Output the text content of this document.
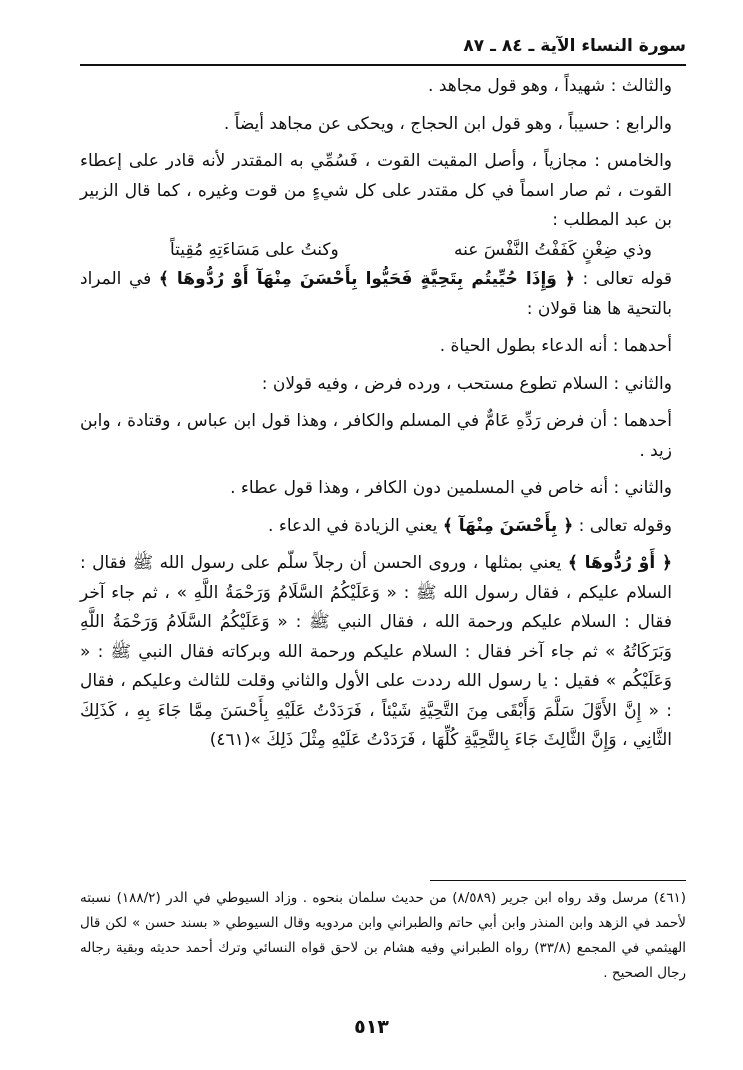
سورة النساء الآية ـ ٨٤ ـ ٨٧

والثالث : شهيداً ، وهو قول مجاهد .

والرابع : حسيباً ، وهو قول ابن الحجاج ، ويحكى عن مجاهد أيضاً .

والخامس : مجازياً ، وأصل المقيت القوت ، فَسُمِّي به المقتدر لأنه قادر على إعطاء القوت ، ثم صار اسماً في كل مقتدر على كل شيءٍ من قوت وغيره ، كما قال الزبير بن عبد المطلب :

وذي ضِغْنٍ كَفَفْتُ النَّفْسَ عنه
وكنتُ على مَسَاءَتِهِ مُقِيتاً

قوله تعالى : ﴿ وَإِذَا حُيِّيتُم بِتَحِيَّةٍ فَحَيُّوا بِأَحْسَنَ مِنْهَآ أَوْ رُدُّوهَا ﴾ في المراد بالتحية ها هنا قولان :

أحدهما : أنه الدعاء بطول الحياة .

والثاني : السلام تطوع مستحب ، ورده فرض ، وفيه قولان :

أحدهما : أن فرض رَدِّهِ عَامٌّ في المسلم والكافر ، وهذا قول ابن عباس ، وقتادة ، وابن زيد .

والثاني : أنه خاص في المسلمين دون الكافر ، وهذا قول عطاء .

وقوله تعالى : ﴿ بِأَحْسَنَ مِنْهَآ ﴾ يعني الزيادة في الدعاء .

﴿ أَوْ رُدُّوهَا ﴾ يعني بمثلها ، وروى الحسن أن رجلاً سلّم على رسول الله ﷺ فقال : السلام عليكم ، فقال رسول الله ﷺ : « وَعَلَيْكُمُ السَّلَامُ وَرَحْمَةُ اللَّهِ » ، ثم جاء آخر فقال : السلام عليكم ورحمة الله ، فقال النبي ﷺ : « وَعَلَيْكُمُ السَّلَامُ وَرَحْمَةُ اللَّهِ وَبَرَكَاتُهُ » ثم جاء آخر فقال : السلام عليكم ورحمة الله وبركاته فقال النبي ﷺ : « وَعَلَيْكُم » فقيل : يا رسول الله رددت على الأول والثاني وقلت للثالث وعليكم ، فقال : « إِنَّ الأَوَّلَ سَلَّمَ وَأَبْقَى مِنَ التَّحِيَّةِ شَيْئاً ، فَرَدَدْتُ عَلَيْهِ بِأَحْسَنَ مِمَّا جَاءَ بِهِ ، كَذَلِكَ الثَّانِي ، وَإِنَّ الثَّالِثَ جَاءَ بِالتَّحِيَّةِ كُلِّهَا ، فَرَدَدْتُ عَلَيْهِ مِثْلَ ذَلِكَ »(٤٦١)

(٤٦١) مرسل وقد رواه ابن جرير (٨/٥٨٩) من حديث سلمان بنحوه . وزاد السيوطي في الدر (١٨٨/٢) نسبته لأحمد في الزهد وابن المنذر وابن أبي حاتم والطبراني وابن مردويه وقال السيوطي « بسند حسن » لكن قال الهيثمي في المجمع (٣٣/٨) رواه الطبراني وفيه هشام بن لاحق قواه النسائي وترك أحمد حديثه وبقية رجاله رجال الصحيح .

٥١٣
